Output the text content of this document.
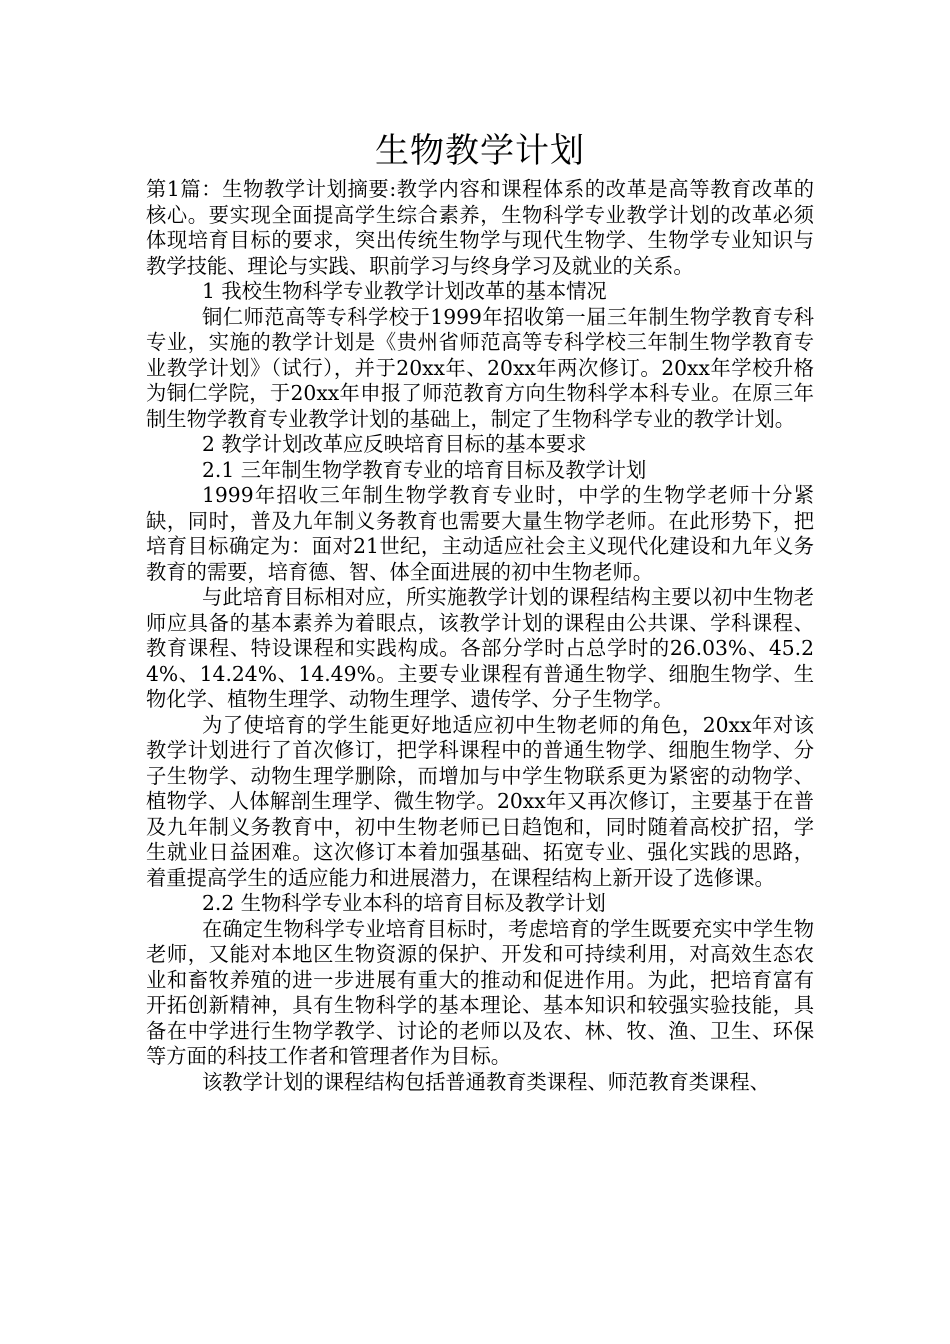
生物教学计划

第1篇：生物教学计划摘要:教学内容和课程体系的改革是高等教育改革的核心。要实现全面提高学生综合素养，生物科学专业教学计划的改革必须体现培育目标的要求，突出传统生物学与现代生物学、生物学专业知识与教学技能、理论与实践、职前学习与终身学习及就业的关系。

1 我校生物科学专业教学计划改革的基本情况

铜仁师范高等专科学校于1999年招收第一届三年制生物学教育专科专业，实施的教学计划是《贵州省师范高等专科学校三年制生物学教育专业教学计划》（试行），并于20xx年、20xx年两次修订。20xx年学校升格为铜仁学院，于20xx年申报了师范教育方向生物科学本科专业。在原三年制生物学教育专业教学计划的基础上，制定了生物科学专业的教学计划。

2 教学计划改革应反映培育目标的基本要求

2.1 三年制生物学教育专业的培育目标及教学计划

1999年招收三年制生物学教育专业时，中学的生物学老师十分紧缺，同时，普及九年制义务教育也需要大量生物学老师。在此形势下，把培育目标确定为：面对21世纪，主动适应社会主义现代化建设和九年义务教育的需要，培育德、智、体全面进展的初中生物老师。

与此培育目标相对应，所实施教学计划的课程结构主要以初中生物老师应具备的基本素养为着眼点，该教学计划的课程由公共课、学科课程、教育课程、特设课程和实践构成。各部分学时占总学时的26.03%、45.24%、14.24%、14.49%。主要专业课程有普通生物学、细胞生物学、生物化学、植物生理学、动物生理学、遗传学、分子生物学。

为了使培育的学生能更好地适应初中生物老师的角色，20xx年对该教学计划进行了首次修订，把学科课程中的普通生物学、细胞生物学、分子生物学、动物生理学删除，而增加与中学生物联系更为紧密的动物学、植物学、人体解剖生理学、微生物学。20xx年又再次修订，主要基于在普及九年制义务教育中，初中生物老师已日趋饱和，同时随着高校扩招，学生就业日益困难。这次修订本着加强基础、拓宽专业、强化实践的思路，着重提高学生的适应能力和进展潜力，在课程结构上新开设了选修课。

2.2 生物科学专业本科的培育目标及教学计划

在确定生物科学专业培育目标时，考虑培育的学生既要充实中学生物老师，又能对本地区生物资源的保护、开发和可持续利用，对高效生态农业和畜牧养殖的进一步进展有重大的推动和促进作用。为此，把培育富有开拓创新精神，具有生物科学的基本理论、基本知识和较强实验技能，具备在中学进行生物学教学、讨论的老师以及农、林、牧、渔、卫生、环保等方面的科技工作者和管理者作为目标。

该教学计划的课程结构包括普通教育类课程、师范教育类课程、
